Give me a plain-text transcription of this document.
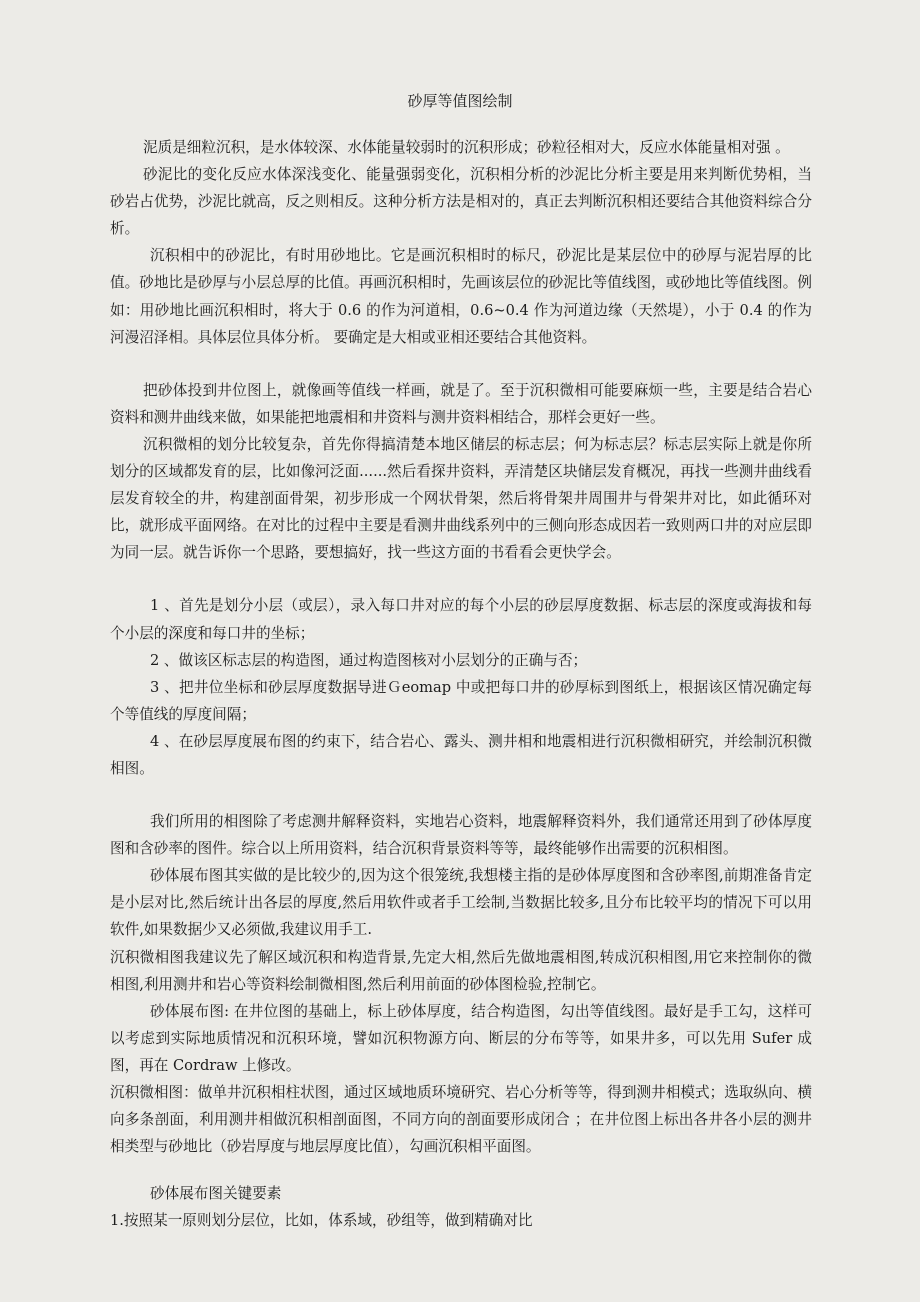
砂厚等值图绘制

泥质是细粒沉积，是水体较深、水体能量较弱时的沉积形成；砂粒径相对大，反应水体能量相对强 。

砂泥比的变化反应水体深浅变化、能量强弱变化，沉积相分析的沙泥比分析主要是用来判断优势相，当砂岩占优势，沙泥比就高，反之则相反。这种分析方法是相对的，真正去判断沉积相还要结合其他资料综合分析。

沉积相中的砂泥比，有时用砂地比。它是画沉积相时的标尺，砂泥比是某层位中的砂厚与泥岩厚的比值。砂地比是砂厚与小层总厚的比值。再画沉积相时，先画该层位的砂泥比等值线图，或砂地比等值线图。例如：用砂地比画沉积相时，将大于 0.6 的作为河道相，0.6~0.4 作为河道边缘（天然堤），小于 0.4 的作为河漫沼泽相。具体层位具体分析。 要确定是大相或亚相还要结合其他资料。

把砂体投到井位图上，就像画等值线一样画，就是了。至于沉积微相可能要麻烦一些，主要是结合岩心资料和测井曲线来做，如果能把地震相和井资料与测井资料相结合，那样会更好一些。

沉积微相的划分比较复杂，首先你得搞清楚本地区储层的标志层；何为标志层？标志层实际上就是你所划分的区域都发育的层，比如像河泛面......然后看探井资料，弄清楚区块储层发育概况，再找一些测井曲线看层发育较全的井，构建剖面骨架，初步形成一个网状骨架，然后将骨架井周围井与骨架井对比，如此循环对比，就形成平面网络。在对比的过程中主要是看测井曲线系列中的三侧向形态成因若一致则两口井的对应层即为同一层。就告诉你一个思路，要想搞好，找一些这方面的书看看会更快学会。

1 、首先是划分小层（或层），录入每口井对应的每个小层的砂层厚度数据、标志层的深度或海拔和每个小层的深度和每口井的坐标；

2 、做该区标志层的构造图，通过构造图核对小层划分的正确与否；

3 、把井位坐标和砂层厚度数据导进Ｇeomap 中或把每口井的砂厚标到图纸上，根据该区情况确定每个等值线的厚度间隔；

4 、在砂层厚度展布图的约束下，结合岩心、露头、测井相和地震相进行沉积微相研究，并绘制沉积微相图。

我们所用的相图除了考虑测井解释资料，实地岩心资料，地震解释资料外，我们通常还用到了砂体厚度图和含砂率的图件。综合以上所用资料，结合沉积背景资料等等，最终能够作出需要的沉积相图。

砂体展布图其实做的是比较少的,因为这个很笼统,我想楼主指的是砂体厚度图和含砂率图,前期准备肯定是小层对比,然后统计出各层的厚度,然后用软件或者手工绘制,当数据比较多,且分布比较平均的情况下可以用软件,如果数据少又必须做,我建议用手工.

沉积微相图我建议先了解区域沉积和构造背景,先定大相,然后先做地震相图,转成沉积相图,用它来控制你的微相图,利用测井和岩心等资料绘制微相图,然后利用前面的砂体图检验,控制它。

砂体展布图: 在井位图的基础上，标上砂体厚度，结合构造图，勾出等值线图。最好是手工勾，这样可以考虑到实际地质情况和沉积环境，譬如沉积物源方向、断层的分布等等，如果井多，可以先用 Sufer 成图，再在 Cordraw 上修改。

沉积微相图：做单井沉积相柱状图，通过区域地质环境研究、岩心分析等等，得到测井相模式；选取纵向、横向多条剖面，利用测井相做沉积相剖面图，不同方向的剖面要形成闭合 ；在井位图上标出各井各小层的测井相类型与砂地比（砂岩厚度与地层厚度比值），勾画沉积相平面图。

砂体展布图关键要素

1.按照某一原则划分层位，比如，体系域，砂组等，做到精确对比
